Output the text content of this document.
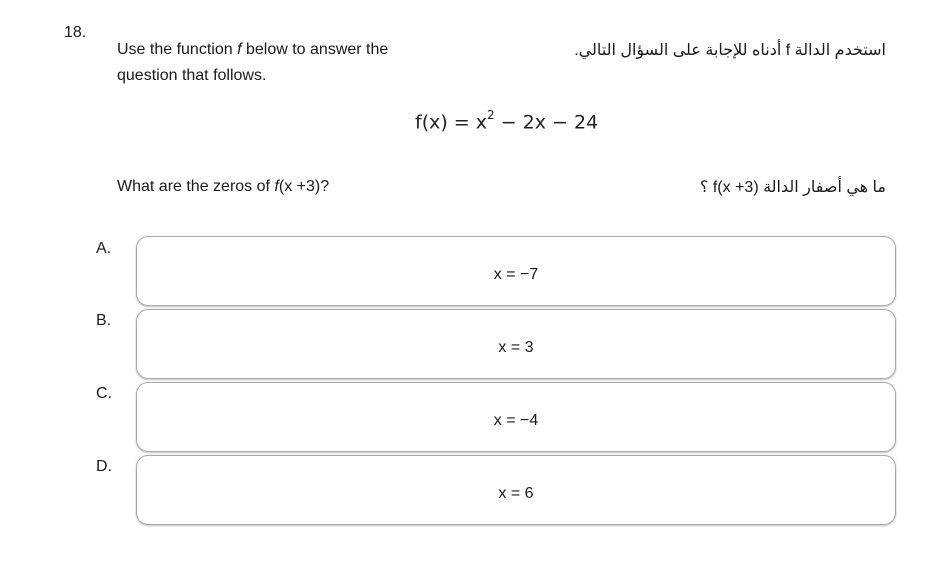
18.
Use the function f below to answer the
question that follows.
استخدم الدالة f أدناه للإجابة على السؤال التالي.
$f(x) = x^2 - 2x - 24$
What are the zeros of f(x +3)?	ما هي أصفار الدالة f(x +3) ؟
A.
x = −7
B.
x = 3
C.
x = −4
D.
x = 6
